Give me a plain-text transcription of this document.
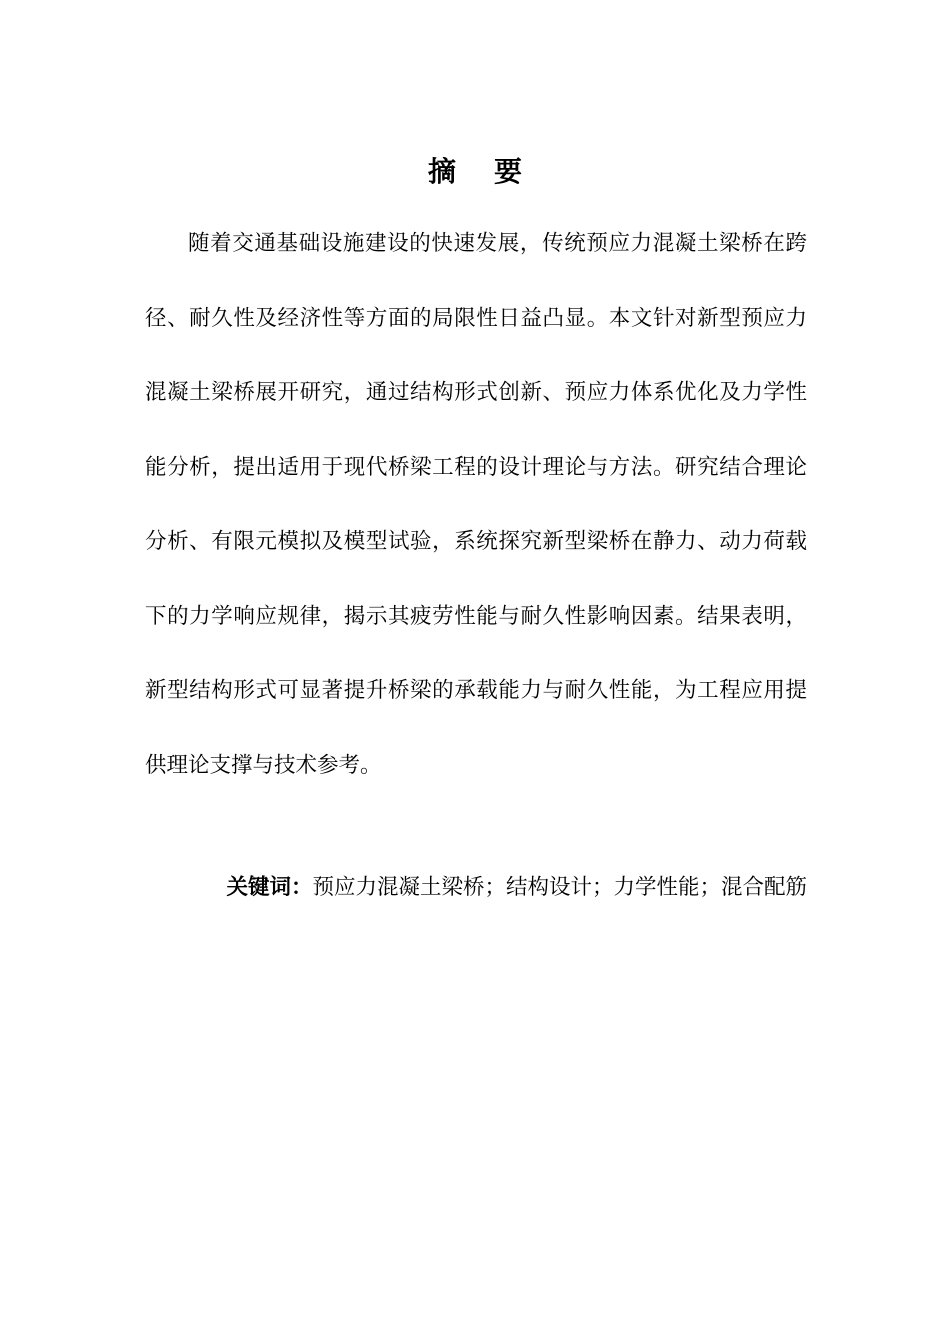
摘 要
随着交通基础设施建设的快速发展，传统预应力混凝土梁桥在跨
径、耐久性及经济性等方面的局限性日益凸显。本文针对新型预应力
混凝土梁桥展开研究，通过结构形式创新、预应力体系优化及力学性
能分析，提出适用于现代桥梁工程的设计理论与方法。研究结合理论
分析、有限元模拟及模型试验，系统探究新型梁桥在静力、动力荷载
下的力学响应规律，揭示其疲劳性能与耐久性影响因素。结果表明，
新型结构形式可显著提升桥梁的承载能力与耐久性能，为工程应用提
供理论支撑与技术参考。
关键词：预应力混凝土梁桥；结构设计；力学性能；混合配筋
